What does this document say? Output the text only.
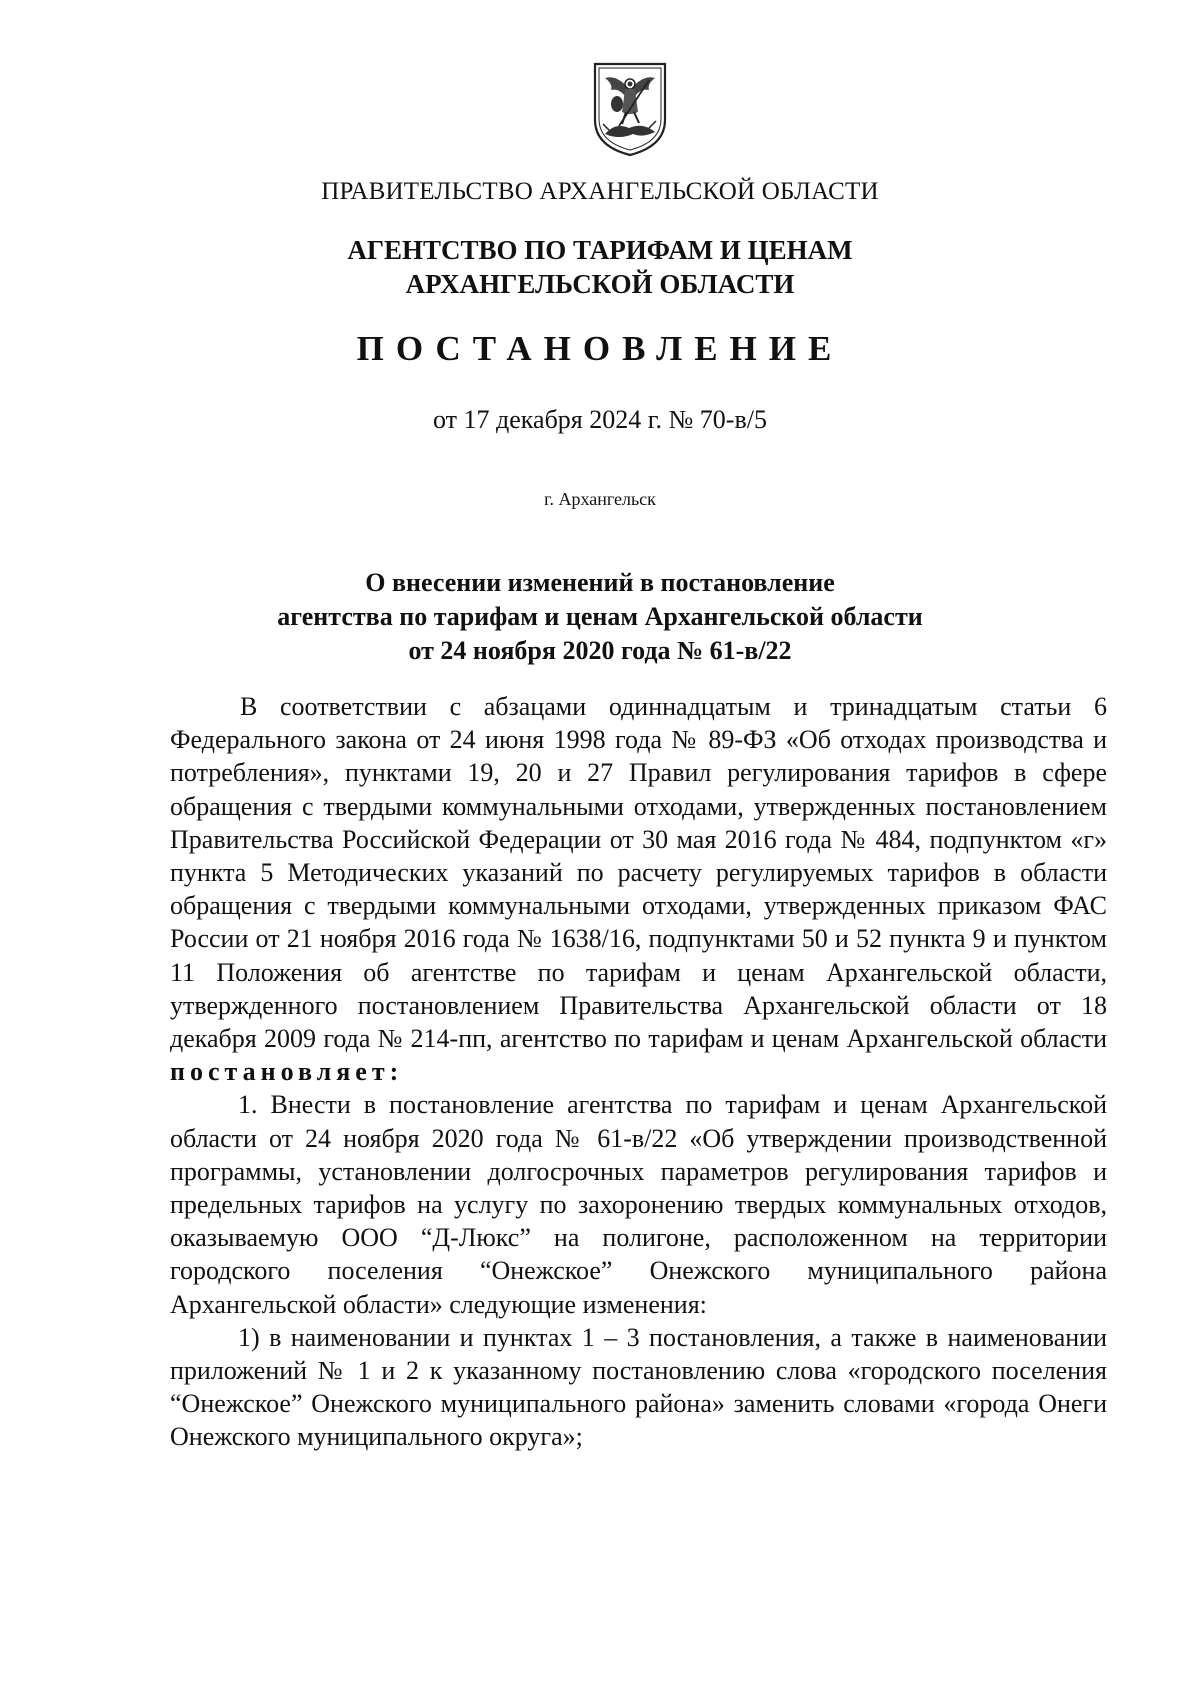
ПРАВИТЕЛЬСТВО АРХАНГЕЛЬСКОЙ ОБЛАСТИ
АГЕНТСТВО ПО ТАРИФАМ И ЦЕНАМ
АРХАНГЕЛЬСКОЙ ОБЛАСТИ
ПОСТАНОВЛЕНИЕ
от 17 декабря 2024 г. № 70-в/5
г. Архангельск
О внесении изменений в постановление
агентства по тарифам и ценам Архангельской области
от 24 ноября 2020 года № 61-в/22

В соответствии с абзацами одиннадцатым и тринадцатым статьи 6 Федерального закона от 24 июня 1998 года № 89-ФЗ «Об отходах производства и потребления», пунктами 19, 20 и 27 Правил регулирования тарифов в сфере обращения с твердыми коммунальными отходами, утвержденных постановлением Правительства Российской Федерации от 30 мая 2016 года № 484, подпунктом «г» пункта 5 Методических указаний по расчету регулируемых тарифов в области обращения с твердыми коммунальными отходами, утвержденных приказом ФАС России от 21 ноября 2016 года № 1638/16, подпунктами 50 и 52 пункта 9 и пунктом 11 Положения об агентстве по тарифам и ценам Архангельской области, утвержденного постановлением Правительства Архангельской области от 18 декабря 2009 года № 214-пп, агентство по тарифам и ценам Архангельской области постановляет:

1. Внести в постановление агентства по тарифам и ценам Архангельской области от 24 ноября 2020 года № 61-в/22 «Об утверждении производственной программы, установлении долгосрочных параметров регулирования тарифов и предельных тарифов на услугу по захоронению твердых коммунальных отходов, оказываемую ООО “Д-Люкс” на полигоне, расположенном на территории городского поселения “Онежское” Онежского муниципального района Архангельской области» следующие изменения:

1) в наименовании и пунктах 1 – 3 постановления, а также в наименовании приложений № 1 и 2 к указанному постановлению слова «городского поселения “Онежское” Онежского муниципального района» заменить словами «города Онеги Онежского муниципального округа»;
